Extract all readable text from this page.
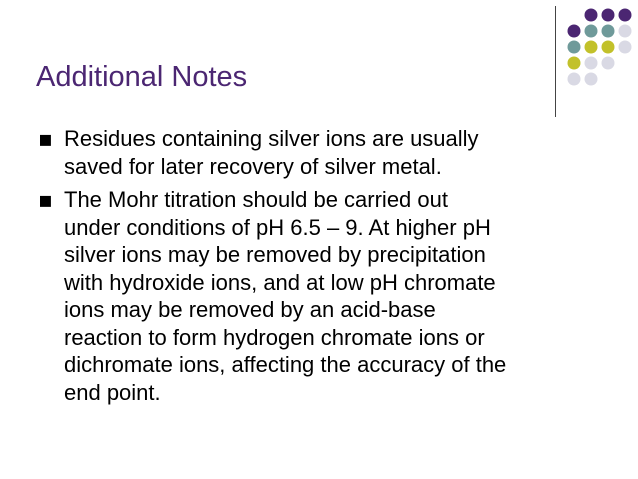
Additional Notes
▪ Residues containing silver ions are usually
saved for later recovery of silver metal.
▪ The Mohr titration should be carried out
under conditions of pH 6.5 – 9. At higher pH
silver ions may be removed by precipitation
with hydroxide ions, and at low pH chromate
ions may be removed by an acid-base
reaction to form hydrogen chromate ions or
dichromate ions, affecting the accuracy of the
end point.
